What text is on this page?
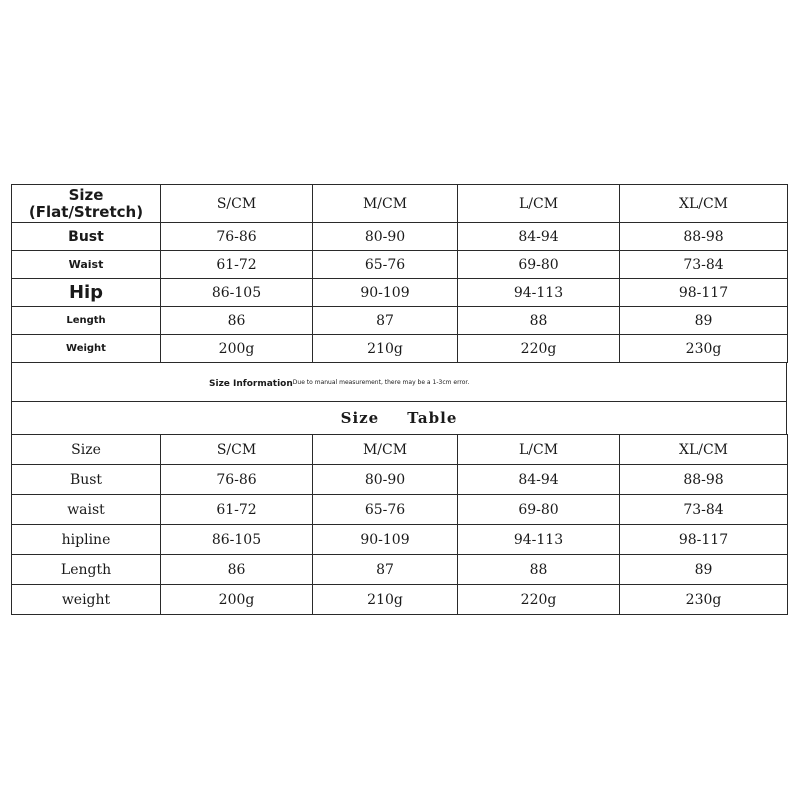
Size
(Flat/Stretch)	S/CM	M/CM	L/CM	XL/CM
Bust	76-86	80-90	84-94	88-98
Waist	61-72	65-76	69-80	73-84
Hip	86-105	90-109	94-113	98-117
Length	86	87	88	89
Weight	200g	210g	220g	230g
Size InformationDue to manual measurement, there may be a 1-3cm error.

Size Table
Size	S/CM	M/CM	L/CM	XL/CM
Bust	76-86	80-90	84-94	88-98
waist	61-72	65-76	69-80	73-84
hipline	86-105	90-109	94-113	98-117
Length	86	87	88	89
weight	200g	210g	220g	230g
